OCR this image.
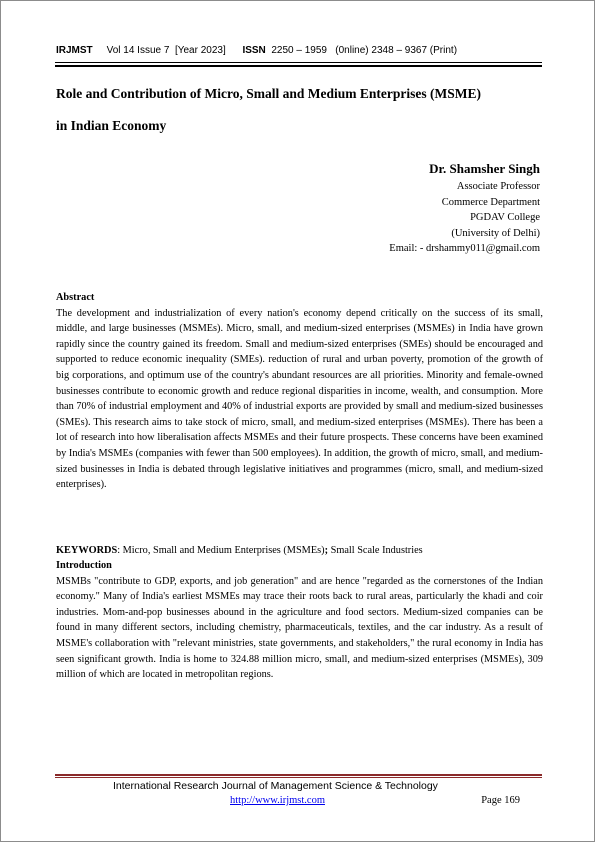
IRJMST Vol 14 Issue 7 [Year 2023] ISSN 2250 – 1959   (0nline) 2348 – 9367 (Print)
Role and Contribution of Micro, Small and Medium Enterprises (MSME)
in Indian Economy
Dr. Shamsher Singh
Associate Professor
Commerce Department
PGDAV College
(University of Delhi)
Email: - drshammy011@gmail.com
Abstract
The development and industrialization of every nation's economy depend critically on the success of its small, middle, and large businesses (MSMEs). Micro, small, and medium-sized enterprises (MSMEs) in India have grown rapidly since the country gained its freedom. Small and medium-sized enterprises (SMEs) should be encouraged and supported to reduce economic inequality (SMEs). reduction of rural and urban poverty, promotion of the growth of big corporations, and optimum use of the country's abundant resources are all priorities. Minority and female-owned businesses contribute to economic growth and reduce regional disparities in income, wealth, and consumption. More than 70% of industrial employment and 40% of industrial exports are provided by small and medium-sized businesses (SMEs). This research aims to take stock of micro, small, and medium-sized enterprises (MSMEs). There has been a lot of research into how liberalisation affects MSMEs and their future prospects. These concerns have been examined by India's MSMEs (companies with fewer than 500 employees). In addition, the growth of micro, small, and medium-sized businesses in India is debated through legislative initiatives and programmes (micro, small, and medium-sized enterprises).
KEYWORDS: Micro, Small and Medium Enterprises (MSMEs); Small Scale Industries
Introduction
MSMBs "contribute to GDP, exports, and job generation" and are hence "regarded as the cornerstones of the Indian economy." Many of India's earliest MSMEs may trace their roots back to rural areas, particularly the khadi and coir industries. Mom-and-pop businesses abound in the agriculture and food sectors. Medium-sized companies can be found in many different sectors, including chemistry, pharmaceuticals, textiles, and the car industry. As a result of MSME's collaboration with "relevant ministries, state governments, and stakeholders," the rural economy in India has seen significant growth. India is home to 324.88 million micro, small, and medium-sized enterprises (MSMEs), 309 million of which are located in metropolitan regions.
International Research Journal of Management Science & Technology
http://www.irjmst.com	Page 169
